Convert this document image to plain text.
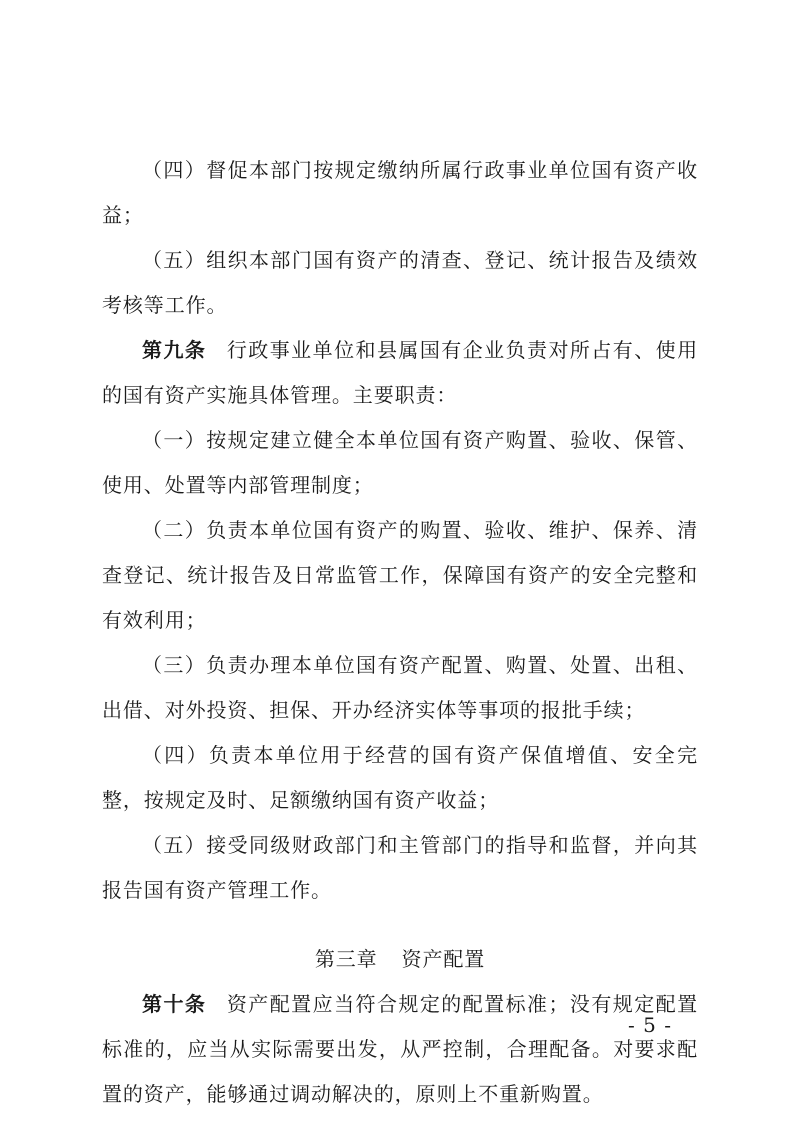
（四）督促本部门按规定缴纳所属行政事业单位国有资产收益；

（五）组织本部门国有资产的清查、登记、统计报告及绩效考核等工作。

第九条 行政事业单位和县属国有企业负责对所占有、使用的国有资产实施具体管理。主要职责：

（一）按规定建立健全本单位国有资产购置、验收、保管、使用、处置等内部管理制度；

（二）负责本单位国有资产的购置、验收、维护、保养、清查登记、统计报告及日常监管工作，保障国有资产的安全完整和有效利用；

（三）负责办理本单位国有资产配置、购置、处置、出租、出借、对外投资、担保、开办经济实体等事项的报批手续；

（四）负责本单位用于经营的国有资产保值增值、安全完整，按规定及时、足额缴纳国有资产收益；

（五）接受同级财政部门和主管部门的指导和监督，并向其报告国有资产管理工作。

第三章 资产配置

第十条 资产配置应当符合规定的配置标准；没有规定配置标准的，应当从实际需要出发，从严控制，合理配备。对要求配置的资产，能够通过调动解决的，原则上不重新购置。

- 5 -
